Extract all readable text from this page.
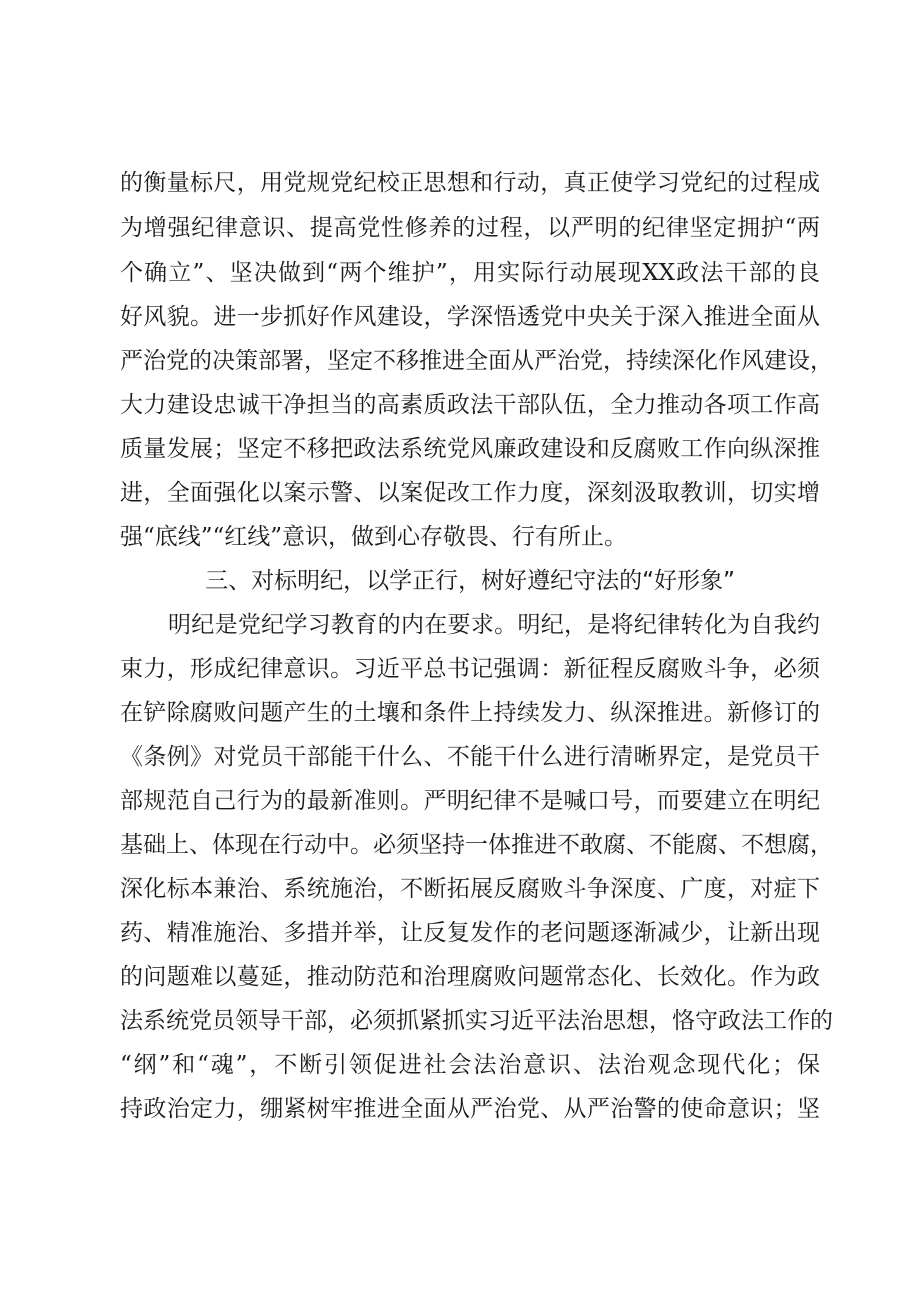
的衡量标尺，用党规党纪校正思想和行动，真正使学习党纪的过程成
为增强纪律意识、提高党性修养的过程，以严明的纪律坚定拥护“两
个确立”、坚决做到“两个维护”，用实际行动展现XX政法干部的良
好风貌。进一步抓好作风建设，学深悟透党中央关于深入推进全面从
严治党的决策部署，坚定不移推进全面从严治党，持续深化作风建设，
大力建设忠诚干净担当的高素质政法干部队伍，全力推动各项工作高
质量发展；坚定不移把政法系统党风廉政建设和反腐败工作向纵深推
进，全面强化以案示警、以案促改工作力度，深刻汲取教训，切实增
强“底线”“红线”意识，做到心存敬畏、行有所止。
三、对标明纪，以学正行，树好遵纪守法的“好形象”
明纪是党纪学习教育的内在要求。明纪，是将纪律转化为自我约
束力，形成纪律意识。习近平总书记强调：新征程反腐败斗争，必须
在铲除腐败问题产生的土壤和条件上持续发力、纵深推进。新修订的
《条例》对党员干部能干什么、不能干什么进行清晰界定，是党员干
部规范自己行为的最新准则。严明纪律不是喊口号，而要建立在明纪
基础上、体现在行动中。必须坚持一体推进不敢腐、不能腐、不想腐，
深化标本兼治、系统施治，不断拓展反腐败斗争深度、广度，对症下
药、精准施治、多措并举，让反复发作的老问题逐渐减少，让新出现
的问题难以蔓延，推动防范和治理腐败问题常态化、长效化。作为政
法系统党员领导干部，必须抓紧抓实习近平法治思想，恪守政法工作的
“纲”和“魂”，不断引领促进社会法治意识、法治观念现代化；保
持政治定力，绷紧树牢推进全面从严治党、从严治警的使命意识；坚
